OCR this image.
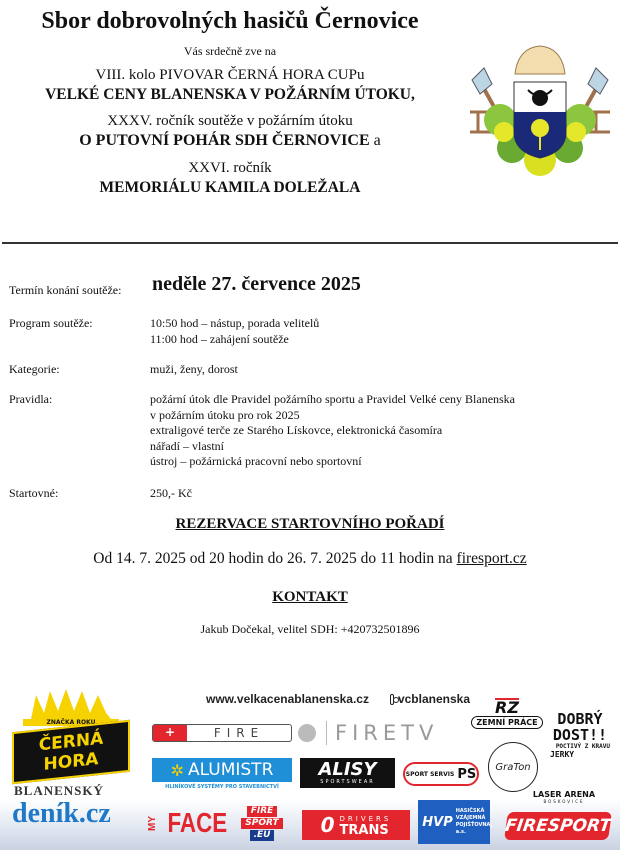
Sbor dobrovolných hasičů Černovice
Vás srdečně zve na
VIII. kolo PIVOVAR ČERNÁ HORA CUPu
VELKÉ CENY BLANENSKA V POŽÁRNÍM ÚTOKU,
XXXV. ročník soutěže v požárním útoku
O PUTOVNÍ POHÁR SDH ČERNOVICE a
XXVI. ročník
MEMORIÁLU KAMILA DOLEŽALA
Termín konání soutěže: neděle 27. července 2025
Program soutěže:	10:50 hod – nástup, porada velitelů
11:00 hod – zahájení soutěže
Kategorie:	muži, ženy, dorost
Pravidla:	požární útok dle Pravidel požárního sportu a Pravidel Velké ceny Blanenska
v požárním útoku pro rok 2025
extraligové terče ze Starého Lískovce, elektronická časomíra
nářadí – vlastní
ústroj – požárnická pracovní nebo sportovní
Startovné:	250,- Kč
REZERVACE STARTOVNÍHO POŘADÍ
Od 14. 7. 2025 od 20 hodin do 26. 7. 2025 do 11 hodin na firesport.cz
KONTAKT
Jakub Dočekal, velitel SDH: +420732501896
ZNAČKA ROKU
ČERNÁ HORA
www.velkacenablanenska.cz	vcblanenska
+	FIRE	FIRETV
RZ
ZEMNÍ PRÁCE	DOBRÝ DOST!!
POCTIVÝ Z KRAVU
JERKY
✲ ALUMISTR
HLINÍKOVÉ SYSTÉMY PRO STAVEBNICTVÍ
ALISY
SPORTSWEAR
SPORT SERVIS PS	GraTon
LASER ARENA
BOSKOVICE
BLANENSKÝ
deník.cz	MY FACE	FIRE
SPORT
.EU	0 DRIVERS
TRANS
HVP
HASIČSKÁ VZÁJEMNÁ POJIŠŤOVNA, a.s.	FIRESPORT
